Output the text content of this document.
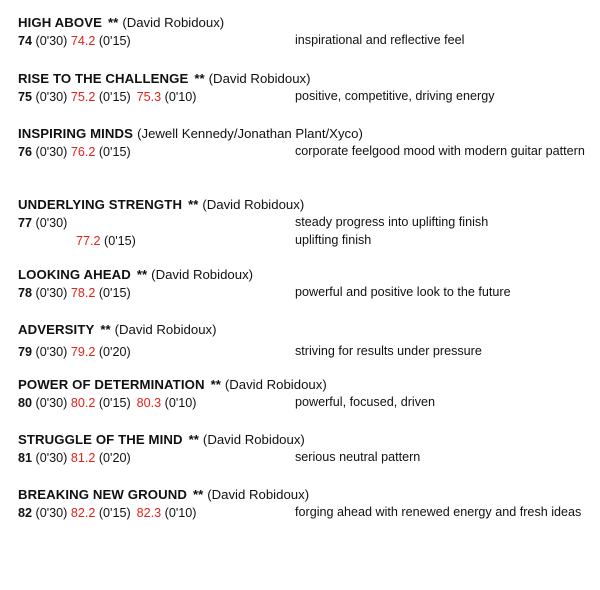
HIGH ABOVE ** (David Robidoux)
74 (0'30) 74.2 (0'15)	inspirational and reflective feel
RISE TO THE CHALLENGE ** (David Robidoux)
75 (0'30) 75.2 (0'15) 75.3 (0'10)	positive, competitive, driving energy
INSPIRING MINDS (Jewell Kennedy/Jonathan Plant/Xyco)
76 (0'30) 76.2 (0'15)	corporate feelgood mood with modern guitar pattern
UNDERLYING STRENGTH ** (David Robidoux)
77 (0'30)	steady progress into uplifting finish
77.2 (0'15)	uplifting finish
LOOKING AHEAD ** (David Robidoux)
78 (0'30) 78.2 (0'15)	powerful and positive look to the future
ADVERSITY ** (David Robidoux)
79 (0'30) 79.2 (0'20)	striving for results under pressure
POWER OF DETERMINATION ** (David Robidoux)
80 (0'30) 80.2 (0'15) 80.3 (0'10)	powerful, focused, driven
STRUGGLE OF THE MIND ** (David Robidoux)
81 (0'30) 81.2 (0'20)	serious neutral pattern
BREAKING NEW GROUND ** (David Robidoux)
82 (0'30) 82.2 (0'15) 82.3 (0'10)	forging ahead with renewed energy and fresh ideas
